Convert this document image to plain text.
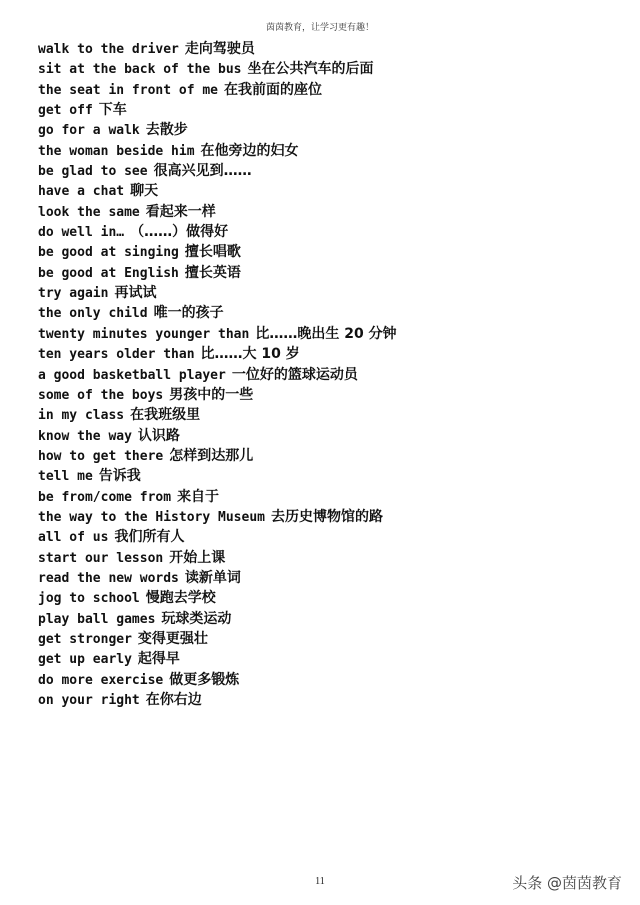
茵茵教育，让学习更有趣！
walk to the driver 走向驾驶员
sit at the back of the bus 坐在公共汽车的后面
the seat in front of me 在我前面的座位
get off 下车
go for a walk 去散步
the woman beside him 在他旁边的妇女
be glad to see 很高兴见到……
have a chat 聊天
look the same 看起来一样
do well in… （……）做得好
be good at singing 擅长唱歌
be good at English 擅长英语
try again 再试试
the only child 唯一的孩子
twenty minutes younger than 比……晚出生 20 分钟
ten years older than 比……大 10 岁
a good basketball player 一位好的篮球运动员
some of the boys 男孩中的一些
in my class 在我班级里
know the way 认识路
how to get there 怎样到达那儿
tell me 告诉我
be from/come from 来自于
the way to the History Museum 去历史博物馆的路
all of us 我们所有人
start our lesson 开始上课
read the new words 读新单词
jog to school 慢跑去学校
play ball games 玩球类运动
get stronger 变得更强壮
get up early 起得早
do more exercise 做更多锻炼
on your right 在你右边
11	头条 @茵茵教育
